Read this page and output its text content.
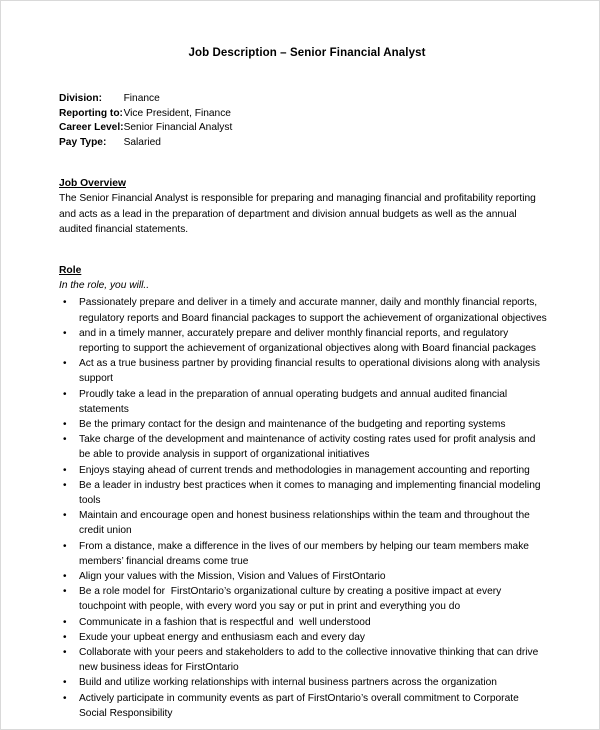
Job Description – Senior Financial Analyst
Division:	Finance
Reporting to:	Vice President, Finance
Career Level:	Senior Financial Analyst
Pay Type:	Salaried
Job Overview

The Senior Financial Analyst is responsible for preparing and managing financial and profitability reporting and acts as a lead in the preparation of department and division annual budgets as well as the annual audited financial statements.

Role

In the role, you will..

• Passionately prepare and deliver in a timely and accurate manner, daily and monthly financial reports, regulatory reports and Board financial packages to support the achievement of organizational objectives
• and in a timely manner, accurately prepare and deliver monthly financial reports, and regulatory reporting to support the achievement of organizational objectives along with Board financial packages
• Act as a true business partner by providing financial results to operational divisions along with analysis support
• Proudly take a lead in the preparation of annual operating budgets and annual audited financial statements
• Be the primary contact for the design and maintenance of the budgeting and reporting systems
• Take charge of the development and maintenance of activity costing rates used for profit analysis and be able to provide analysis in support of organizational initiatives
• Enjoys staying ahead of current trends and methodologies in management accounting and reporting
• Be a leader in industry best practices when it comes to managing and implementing financial modeling tools
• Maintain and encourage open and honest business relationships within the team and throughout the credit union
• From a distance, make a difference in the lives of our members by helping our team members make members’ financial dreams come true
• Align your values with the Mission, Vision and Values of FirstOntario
• Be a role model for  FirstOntario’s organizational culture by creating a positive impact at every touchpoint with people, with every word you say or put in print and everything you do
• Communicate in a fashion that is respectful and  well understood
• Exude your upbeat energy and enthusiasm each and every day
• Collaborate with your peers and stakeholders to add to the collective innovative thinking that can drive new business ideas for FirstOntario
• Build and utilize working relationships with internal business partners across the organization
• Actively participate in community events as part of FirstOntario’s overall commitment to Corporate Social Responsibility
